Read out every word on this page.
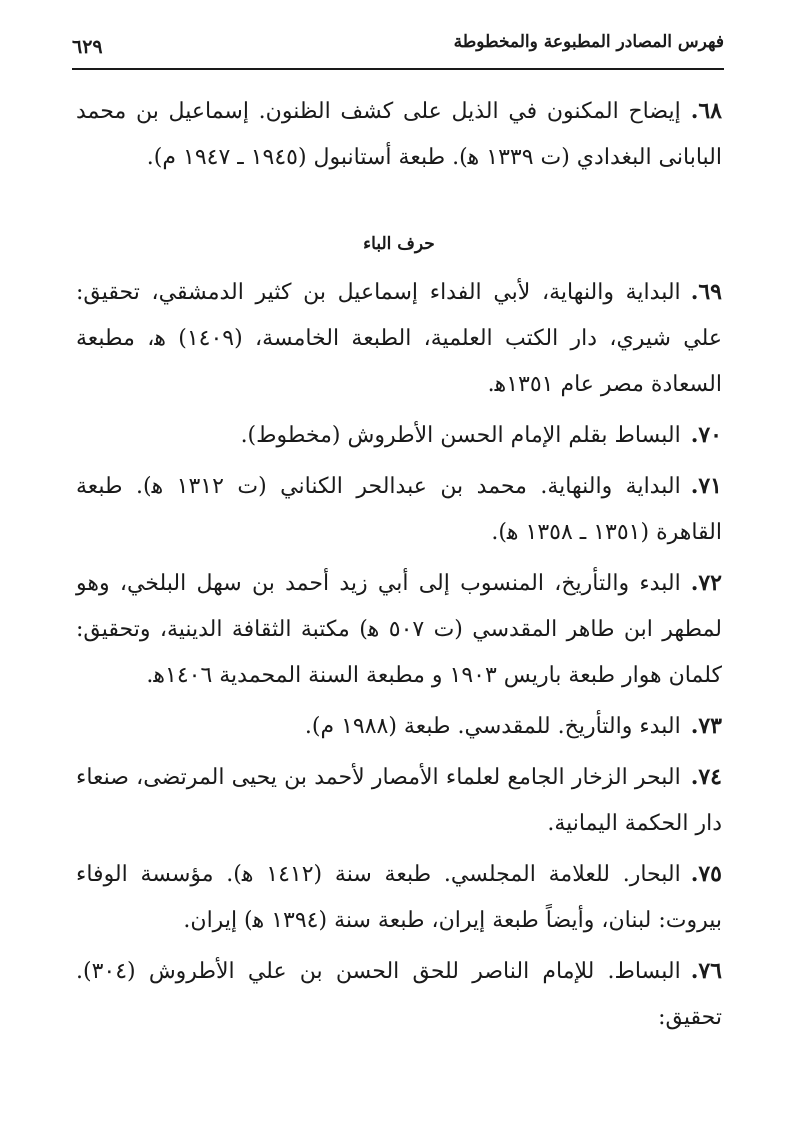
فهرس المصادر المطبوعة والمخطوطة
٦٢٩

٦٨.إيضاح المكنون في الذيل على كشف الظنون. إسماعيل بن محمد البابانى البغدادي (ت ١٣٣٩ ﻫ). طبعة أستانبول (١٩٤٥ ـ ١٩٤٧ م).

حرف الباء

٦٩.البداية والنهاية، لأبي الفداء إسماعيل بن كثير الدمشقي، تحقيق: علي شيري، دار الكتب العلمية، الطبعة الخامسة، (١٤٠٩) ﻫ، مطبعة السعادة مصر عام ١٣٥١ﻫ.

٧٠.البساط بقلم الإمام الحسن الأطروش (مخطوط).

٧١.البداية والنهاية. محمد بن عبدالحر الكناني (ت ١٣١٢ ﻫ). طبعة القاهرة (١٣٥١ ـ ١٣٥٨ ﻫ).

٧٢.البدء والتأريخ، المنسوب إلى أبي زيد أحمد بن سهل البلخي، وهو لمطهر ابن طاهر المقدسي (ت ٥٠٧ ﻫ) مكتبة الثقافة الدينية، وتحقيق: كلمان هوار طبعة باريس ١٩٠٣ و مطبعة السنة المحمدية ١٤٠٦ﻫ.

٧٣.البدء والتأريخ. للمقدسي. طبعة (١٩٨٨ م).

٧٤.البحر الزخار الجامع لعلماء الأمصار لأحمد بن يحيى المرتضى، صنعاء دار الحكمة اليمانية.

٧٥.البحار. للعلامة المجلسي. طبعة سنة (١٤١٢ ﻫ). مؤسسة الوفاء بيروت: لبنان، وأيضاً طبعة إيران، طبعة سنة (١٣٩٤ ﻫ) إيران.

٧٦.البساط. للإمام الناصر للحق الحسن بن علي الأطروش (٣٠٤). تحقيق:
